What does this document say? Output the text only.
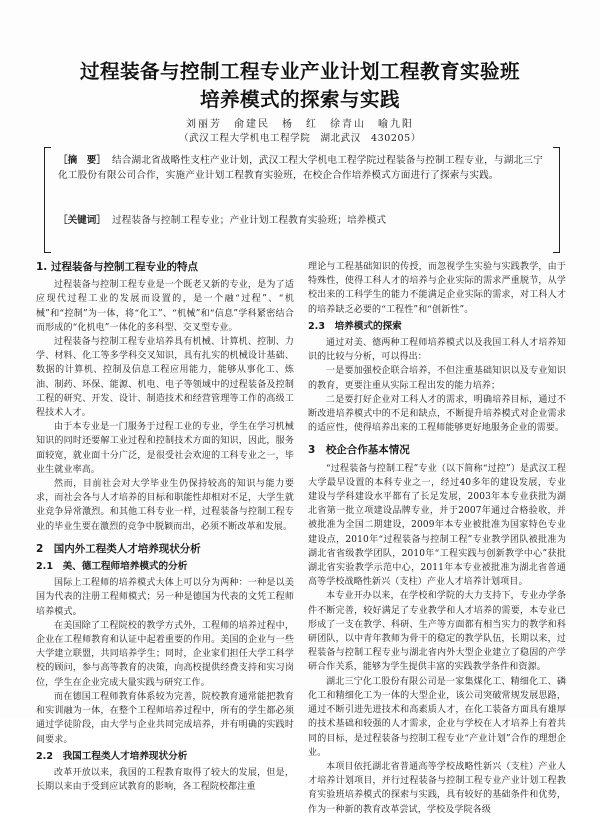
过程装备与控制工程专业产业计划工程教育实验班
培养模式的探索与实践
刘丽芳　俞建民　杨　红　徐青山　喻九阳
（武汉工程大学机电工程学院　湖北武汉　430205）
［摘　要］ 结合湖北省战略性支柱产业计划，武汉工程大学机电工程学院过程装备与控制工程专业，与湖北三宁化工股份有限公司合作，实施产业计划工程教育实验班，在校企合作培养模式方面进行了探索与实践。
［关键词］ 过程装备与控制工程专业；产业计划工程教育实验班；培养模式
1. 过程装备与控制工程专业的特点

过程装备与控制工程专业是一个既老又新的专业，是为了适应现代过程工业的发展而设置的，是一个融“过程”、“机械”和“控制”为一体，将“化工”、“机械”和“信息”学科紧密结合而形成的“化机电”一体化的多科型、交叉型专业。

过程装备与控制工程专业培养具有机械、计算机、控制、力学、材料、化工等多学科交叉知识，具有扎实的机械设计基础、数据的计算机、控制及信息工程应用能力，能够从事化工、炼油、制药、环保、能源、机电、电子等领域中的过程装备及控制工程的研究、开发、设计、制造技术和经营管理等工作的高级工程技术人才。

由于本专业是一门服务于过程工业的专业，学生在学习机械知识的同时还要解工业过程和控制技术方面的知识，因此，服务面较宽，就业面十分广泛，是很受社会欢迎的工科专业之一，毕业生就业率高。

然而，目前社会对大学毕业生仍保持较高的知识与能力要求，而社会各与人才培养的目标和职能性却相对不足，大学生就业竞争异常激烈。和其他工科专业一样，过程装备与控制工程专业的毕业生要在激烈的竞争中脱颖而出，必须不断改革和发展。

2　国内外工程类人才培养现状分析
2.1　美、德工程师培养模式的分析

国际上工程师的培养模式大体上可以分为两种：一种是以美国为代表的注册工程师模式；另一种是德国为代表的文凭工程师培养模式。

在美国除了工程院校的教学方式外，工程师的培养过程中，企业在工程师教育和认证中起着重要的作用。美国的企业与一些大学建立联盟，共同培养学生；同时，企业家们担任大学工科学校的顾问，参与高等教育的决策，向高校提供经费支持和实习岗位，学生在企业完成大量实践与研究工作。

而在德国工程师教育体系较为完善，院校教育通常能把教育和实训融为一体，在整个工程师培养过程中，所有的学生都必须通过学徒阶段，由大学与企业共同完成培养，并有明确的实践时间要求。

2.2　我国工程类人才培养现状分析

改革开放以来，我国的工程教育取得了较大的发展，但是，长期以来由于受到应试教育的影响，各工程院校都注重

理论与工程基础知识的传授，而忽视学生实验与实践教学，由于特殊性，使得工科人才的培养与企业实际的需求严重脱节，从学校出来的工科学生的能力不能满足企业实际的需求，对工科人才的培养缺乏必要的“工程性”和“创新性”。

2.3　培养模式的探索

通过对美、德两种工程师培养模式以及我国工科人才培养知识的比较与分析，可以得出：

一是要加强校企联合培养，不但注重基础知识以及专业知识的教育，更要注重从实际工程出发的能力培养；

二是要打好企业对工科人才的需求，明确培养目标，通过不断改进培养模式中的不足和缺点，不断提升培养模式对企业需求的适应性，使得培养出来的工程师能够更好地服务企业的需要。

3　校企合作基本情况

“过程装备与控制工程”专业（以下简称“过控”）是武汉工程大学最早设置的本科专业之一，经过40多年的建设发展，专业建设与学科建设水平都有了长足发展，2003年本专业获批为湖北省第一批立项建设品牌专业，并于2007年通过合格验收，并被批准为全国二期建设，2009年本专业被批准为国家特色专业建设点，2010年“过程装备与控制工程”专业教学团队被批准为湖北省省级教学团队，2010年“工程实践与创新教学中心”获批湖北省实验教学示范中心，2011年本专业被批准为湖北省普通高等学校战略性新兴（支柱）产业人才培养计划项目。

本专业开办以来，在学校和学院的大力支持下，专业办学条件不断完善，较好满足了专业教学和人才培养的需要，本专业已形成了一支在教学、科研、生产等方面都有相当实力的教学和科研团队，以中青年教师为骨干的稳定的教学队伍，长期以来，过程装备与控制工程专业与湖北省内外大型企业建立了稳固的产学研合作关系，能够为学生提供丰富的实践教学条件和资源。

湖北三宁化工股份有限公司是一家集煤化工、精细化工、磷化工和精细化工为一体的大型企业，该公司突破常规发展思路，通过不断引进先进技术和高素质人才，在化工装备方面具有雄厚的技术基础和较强的人才需求，企业与学校在人才培养上有着共同的目标，是过程装备与控制工程专业“产业计划”合作的理想企业。

本项目依托湖北省普通高等学校战略性新兴（支柱）产业人才培养计划项目，并行过程装备与控制工程专业产业计划工程教育实验班培养模式的探索与实践，具有较好的基础条件和优势，作为一种新的教育改革尝试，学校及学院各级
